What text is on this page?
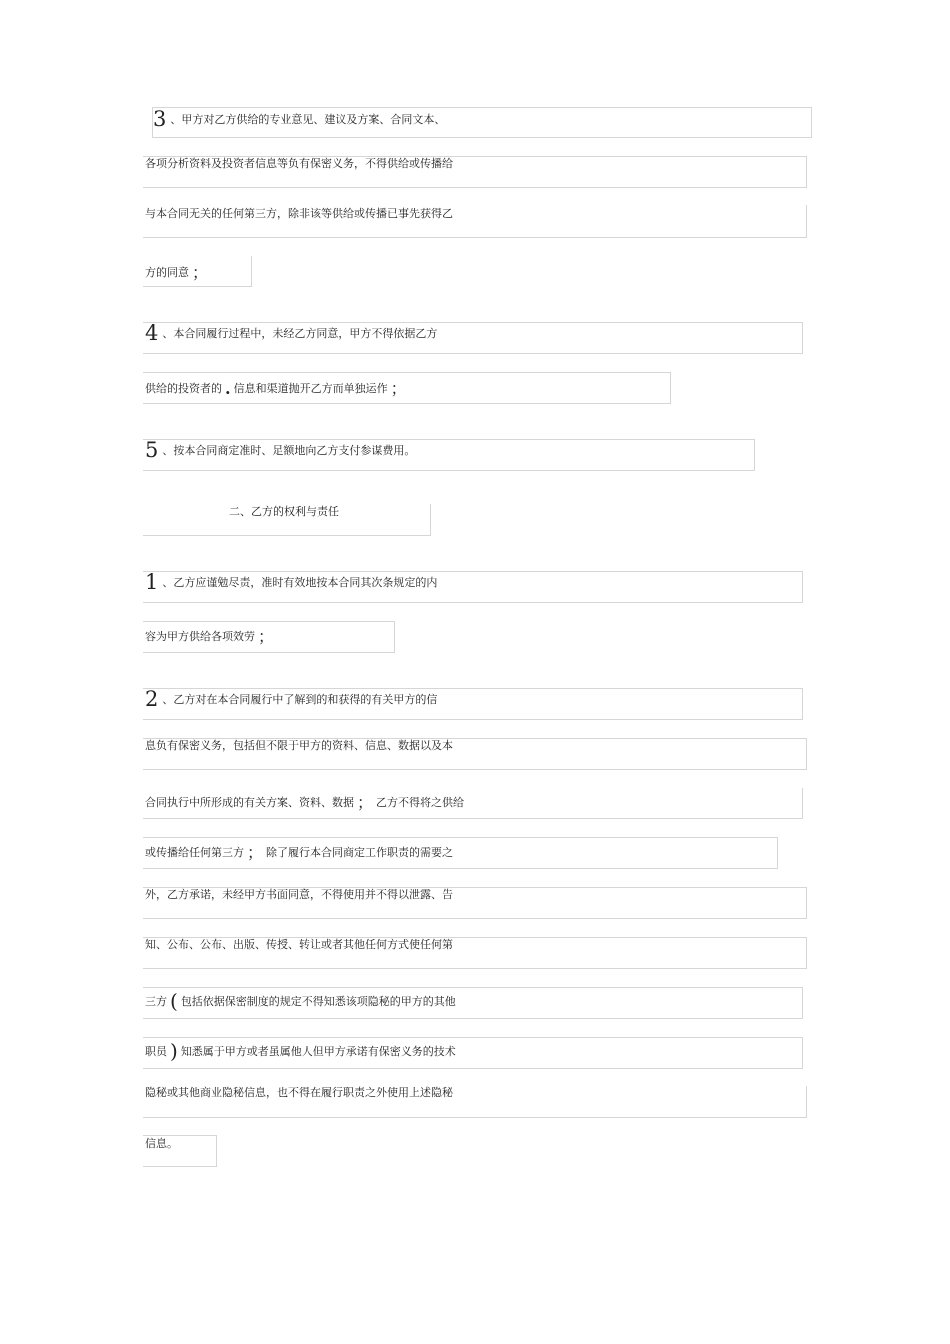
3 、甲方对乙方供给的专业意见、建议及方案、合同文本、
各项分析资料及投资者信息等负有保密义务，不得供给或传播给
与本合同无关的任何第三方，除非该等供给或传播已事先获得乙
方的同意 ；
4 、本合同履行过程中，未经乙方同意，甲方不得依据乙方
供给的投资者的 . 信息和渠道抛开乙方而单独运作 ；
5 、按本合同商定准时、足额地向乙方支付参谋费用。
二、乙方的权利与责任
1 、乙方应谨勉尽责，准时有效地按本合同其次条规定的内
容为甲方供给各项效劳 ；
2 、乙方对在本合同履行中了解到的和获得的有关甲方的信
息负有保密义务，包括但不限于甲方的资料、信息、数据以及本
合同执行中所形成的有关方案、资料、数据 ； 乙方不得将之供给
或传播给任何第三方 ； 除了履行本合同商定工作职责的需要之
外，乙方承诺，未经甲方书面同意，不得使用并不得以泄露、告
知、公布、公布、出版、传授、转让或者其他任何方式使任何第
三方 ( 包括依据保密制度的规定不得知悉该项隐秘的甲方的其他
职员 ) 知悉属于甲方或者虽属他人但甲方承诺有保密义务的技术
隐秘或其他商业隐秘信息，也不得在履行职责之外使用上述隐秘
信息。
